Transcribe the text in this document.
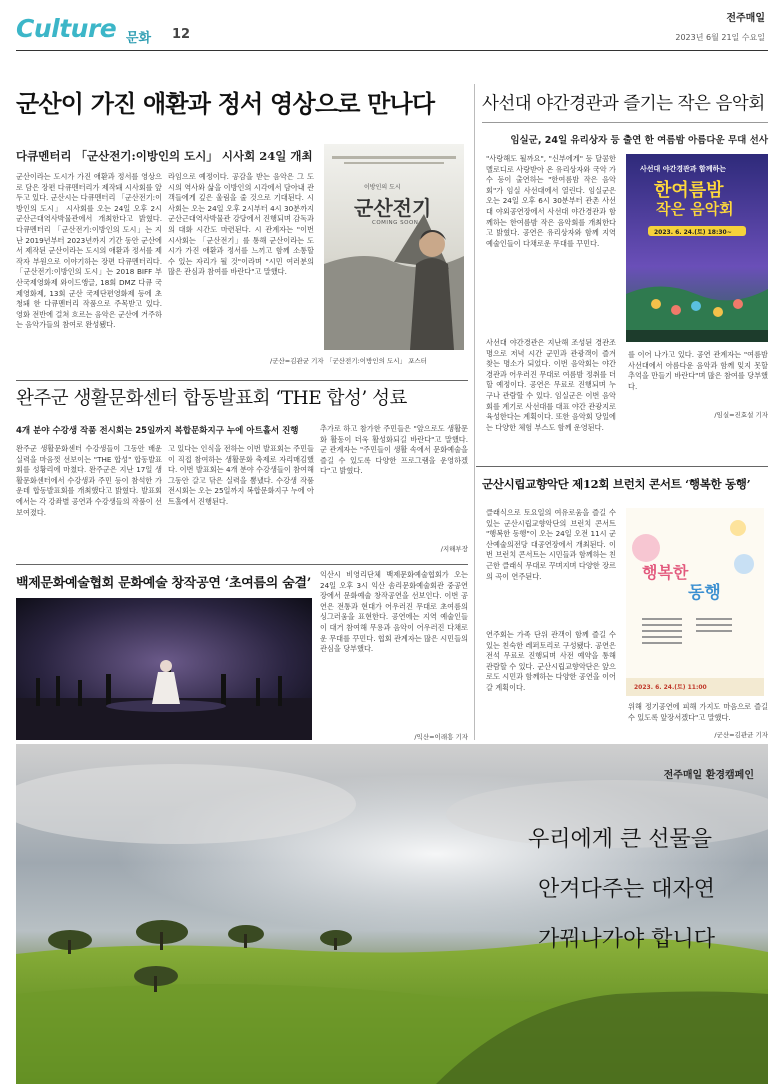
Culture 문화 12
전주매일
2023년 6월 21일 수요일
군산이 가진 애환과 정서 영상으로 만나다
다큐멘터리 「군산전기:이방인의 도시」 시사회 24일 개최
군산이라는 도시가 가진 애환과 정서를 영상으로 담은 장편 다큐멘터리가 제작돼 시사회를 앞두고 있다. 군산시는 다큐멘터리 「군산전기:이방인의 도시」 시사회를 오는 24일 오후 2시 군산근대역사박물관에서 개최한다고 밝혔다. 다큐멘터리 「군산전기:이방인의 도시」는 지난 2019년부터 2023년까지 기간 동안 군산에서 제작된 군산이라는 도시의 애환과 정서를 제작자 부원으로 이야기하는 장편 다큐멘터리다. 「군산전기:이방인의 도시」는 2018 BIFF 부산국제영화제 와이드앵글, 18회 DMZ 다큐 국제영화제, 13회 군산 국제단편영화제 등에 초청돼 한 다큐멘터리 작품으로 주목받고 있다. 영화 전반에 걸쳐 흐르는 음악은 군산에 거주하는 음악가들의 참여로 완성됐다.
라임으로 예정이다. 공감을 받는 음악은 그 도시의 역사와 삶을 이방인의 시각에서 담아내 관객들에게 깊은 울림을 줄 것으로 기대된다. 시사회는 오는 24일 오후 2시부터 4시 30분까지 군산근대역사박물관 강당에서 진행되며 감독과의 대화 시간도 마련된다. 시 관계자는 "이번 시사회는 「군산전기」를 통해 군산이라는 도시가 가진 애환과 정서를 느끼고 함께 소통할 수 있는 자리가 될 것"이라며 "시민 여러분의 많은 관심과 참여를 바란다"고 말했다.
이방인의 도시
군산전기
COMING SOON
「군산전기:이방인의 도시」 포스터
/군산=김관균 기자
사선대 야간경관과 즐기는 작은 음악회
임실군, 24일 유리상자 등 출연 한 여름밤 아름다운 무대 선사
"사랑해도 될까요", "신부에게" 등 달콤한 멜로디로 사랑받아 온 유리상자와 국악 가수 등이 출연하는 "한여름밤 작은 음악회"가 임실 사선대에서 열린다. 임실군은 오는 24일 오후 6시 30분부터 관촌 사선대 야외공연장에서 사선대 야간경관과 함께하는 한여름밤 작은 음악회를 개최한다고 밝혔다. 공연은 유리상자와 함께 지역 예술인들이 다채로운 무대를 꾸민다.
사선대 야간경관과 함께하는
한여름밤
작은 음악회
2023. 6. 24.(토) 18:30~
사선대 야간경관은 지난해 조성된 경관조명으로 저녁 시간 군민과 관광객이 즐겨 찾는 명소가 되었다. 이번 음악회는 야간 경관과 어우러진 무대로 여름밤 정취를 더할 예정이다. 공연은 무료로 진행되며 누구나 관람할 수 있다. 임실군은 이번 음악회를 계기로 사선대를 대표 야간 관광지로 육성한다는 계획이다. 또한 음악회 당일에는 다양한 체험 부스도 함께 운영된다.
를 이어 나가고 있다. 공연 관계자는 "여름밤 사선대에서 아름다운 음악과 함께 잊지 못할 추억을 만들기 바란다"며 많은 참여를 당부했다.
/임실=진효설 기자
완주군 생활문화센터 합동발표회 ‘THE 합성’ 성료
4개 분야 수강생 작품 전시회는 25일까지 복합문화지구 누에 아트홀서 진행
완주군 생활문화센터 수강생들이 그동안 배운 실력을 마음껏 선보이는 "THE 합성" 합동발표회를 성황리에 마쳤다. 완주군은 지난 17일 생활문화센터에서 수강생과 주민 등이 참석한 가운데 합동발표회를 개최했다고 밝혔다. 발표회에서는 각 강좌별 공연과 수강생들의 작품이 선보여졌다.
고 있다는 인식을 전하는 이번 발표회는 주민들이 직접 참여하는 생활문화 축제로 자리매김했다. 이번 발표회는 4개 분야 수강생들이 참여해 그동안 갈고 닦은 실력을 뽐냈다. 수강생 작품 전시회는 오는 25일까지 복합문화지구 누에 아트홀에서 진행된다.
추가로 하고 참가한 주민들은 "앞으로도 생활문화 활동이 더욱 활성화되길 바란다"고 말했다. 군 관계자는 "주민들이 생활 속에서 문화예술을 즐길 수 있도록 다양한 프로그램을 운영하겠다"고 밝혔다.
/지해부장
백제문화예술협회 문화예술 창작공연 ‘초여름의 숨결’
익산시 비영리단체 백제문화예술협회가 오는 24일 오후 3시 익산 솜리문화예술회관 중공연장에서 문화예술 창작공연을 선보인다. 이번 공연은 전통과 현대가 어우러진 무대로 초여름의 싱그러움을 표현한다. 공연에는 지역 예술인들이 대거 참여해 무용과 음악이 어우러진 다채로운 무대를 꾸민다. 협회 관계자는 많은 시민들의 관심을 당부했다.
/익산=이래흥 기자
군산시립교향악단 제12회 브런치 콘서트 ‘행복한 동행’
클래식으로 토요일의 여유로움을 즐길 수 있는 군산시립교향악단의 브런치 콘서트 "행복한 동행"이 오는 24일 오전 11시 군산예술의전당 대공연장에서 개최된다. 이번 브런치 콘서트는 시민들과 함께하는 친근한 클래식 무대로 꾸며지며 다양한 장르의 곡이 연주된다.	행복한
동행
2023. 6. 24.(토) 11:00
연주회는 가족 단위 관객이 함께 즐길 수 있는 친숙한 레퍼토리로 구성됐다. 공연은 전석 무료로 진행되며 사전 예약을 통해 관람할 수 있다. 군산시립교향악단은 앞으로도 시민과 함께하는 다양한 공연을 이어갈 계획이다.
위해 정기공연에 피해 가지도 마음으로 즐길 수 있도록 앞장서겠다"고 말했다.
/군산=김관균 기자
전주매일 환경캠페인
우리에게 큰 선물을
안겨다주는 대자연
가꿔나가야 합니다
